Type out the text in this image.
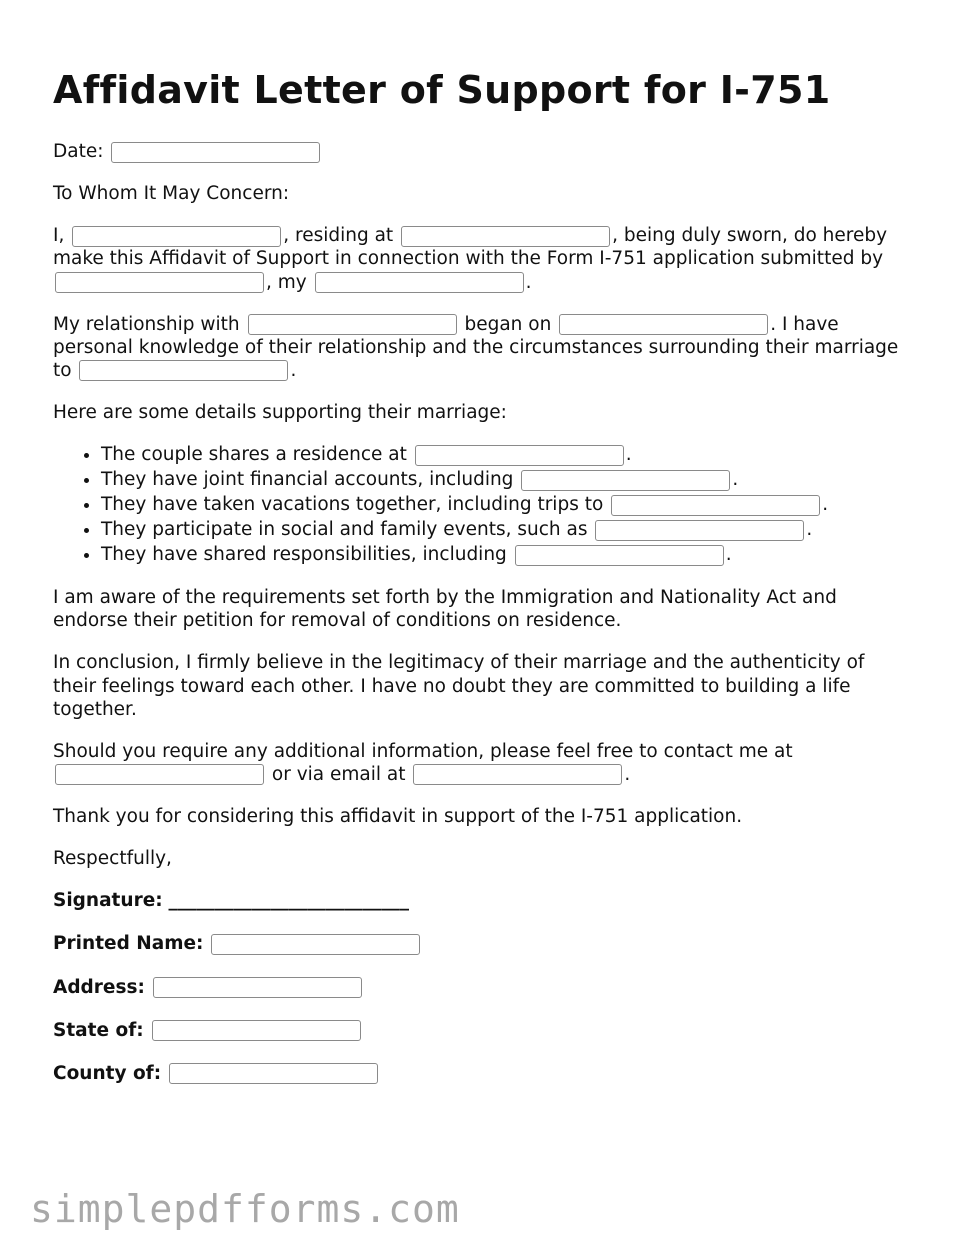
Affidavit Letter of Support for I-751

Date:

To Whom It May Concern:

I,	, residing at	, being duly sworn, do hereby make this Affidavit of Support in connection with the Form I-751 application submitted by , my	.

My relationship with	began on	. I have personal knowledge of their relationship and the circumstances surrounding their marriage to	.

Here are some details supporting their marriage:

• The couple shares a residence at	.
• They have joint financial accounts, including	.
• They have taken vacations together, including trips to	.
• They participate in social and family events, such as	.
• They have shared responsibilities, including	.

I am aware of the requirements set forth by the Immigration and Nationality Act and endorse their petition for removal of conditions on residence.

In conclusion, I firmly believe in the legitimacy of their marriage and the authenticity of their feelings toward each other. I have no doubt they are committed to building a life together.

Should you require any additional information, please feel free to contact me at  or via email at	.

Thank you for considering this affidavit in support of the I-751 application.

Respectfully,

Signature: __________________________

Printed Name:

Address:

State of:

County of:

simplepdfforms.com
